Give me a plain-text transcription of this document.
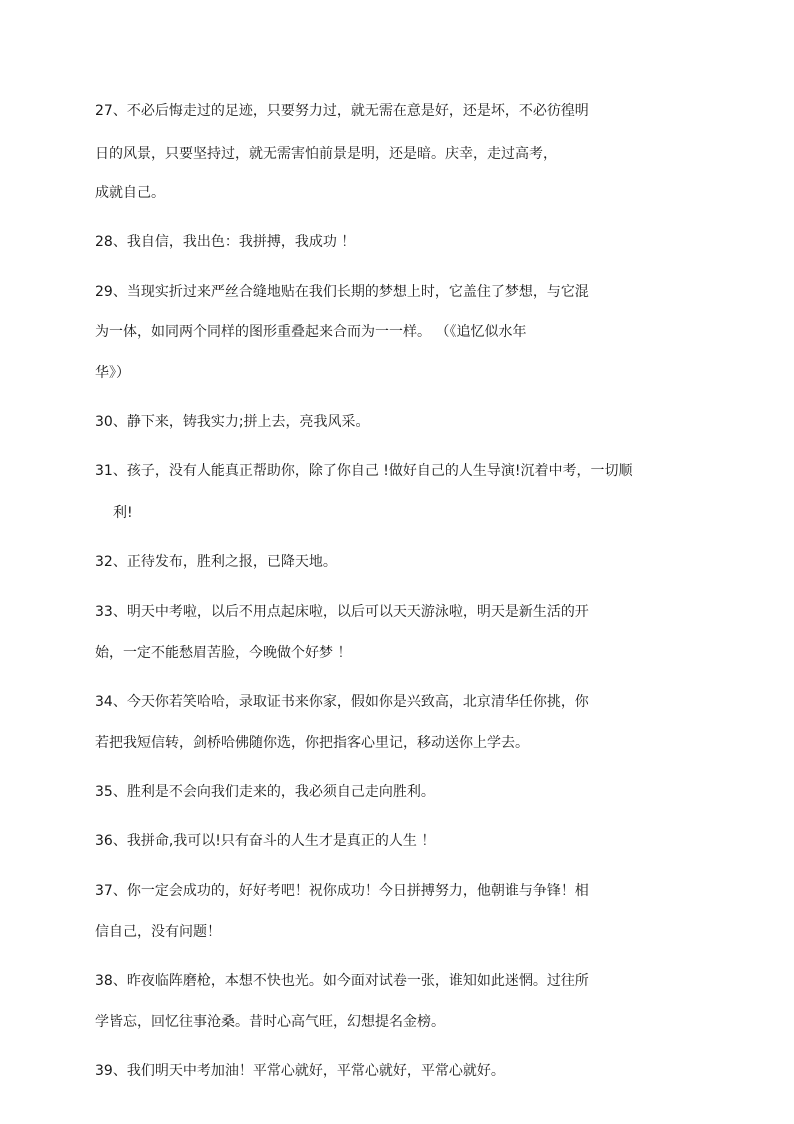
27、不必后悔走过的足迹，只要努力过，就无需在意是好，还是坏，不必彷徨明
日的风景，只要坚持过，就无需害怕前景是明，还是暗。庆幸，走过高考，
成就自己。
28、我自信，我出色：我拼搏，我成功 ！
29、当现实折过来严丝合缝地贴在我们长期的梦想上时，它盖住了梦想，与它混
为一体，如同两个同样的图形重叠起来合而为一一样。 （《追忆似水年
华》）
30、静下来，铸我实力;拼上去，亮我风采。
31、孩子，没有人能真正帮助你，除了你自己 !做好自己的人生导演!沉着中考，一切顺
利!
32、正待发布，胜利之报，已降天地。
33、明天中考啦，以后不用点起床啦，以后可以天天游泳啦，明天是新生活的开
始，一定不能愁眉苦脸，今晚做个好梦 ！
34、今天你若笑哈哈，录取证书来你家，假如你是兴致高，北京清华任你挑，你
若把我短信转，剑桥哈佛随你选，你把指客心里记，移动送你上学去。
35、胜利是不会向我们走来的，我必须自己走向胜利。
36、我拼命,我可以!只有奋斗的人生才是真正的人生 ！
37、你一定会成功的，好好考吧！祝你成功！今日拼搏努力，他朝谁与争锋！相
信自己，没有问题！
38、昨夜临阵磨枪，本想不快也光。如今面对试卷一张，谁知如此迷惘。过往所
学皆忘，回忆往事沧桑。昔时心高气旺，幻想提名金榜。
39、我们明天中考加油！平常心就好，平常心就好，平常心就好。
